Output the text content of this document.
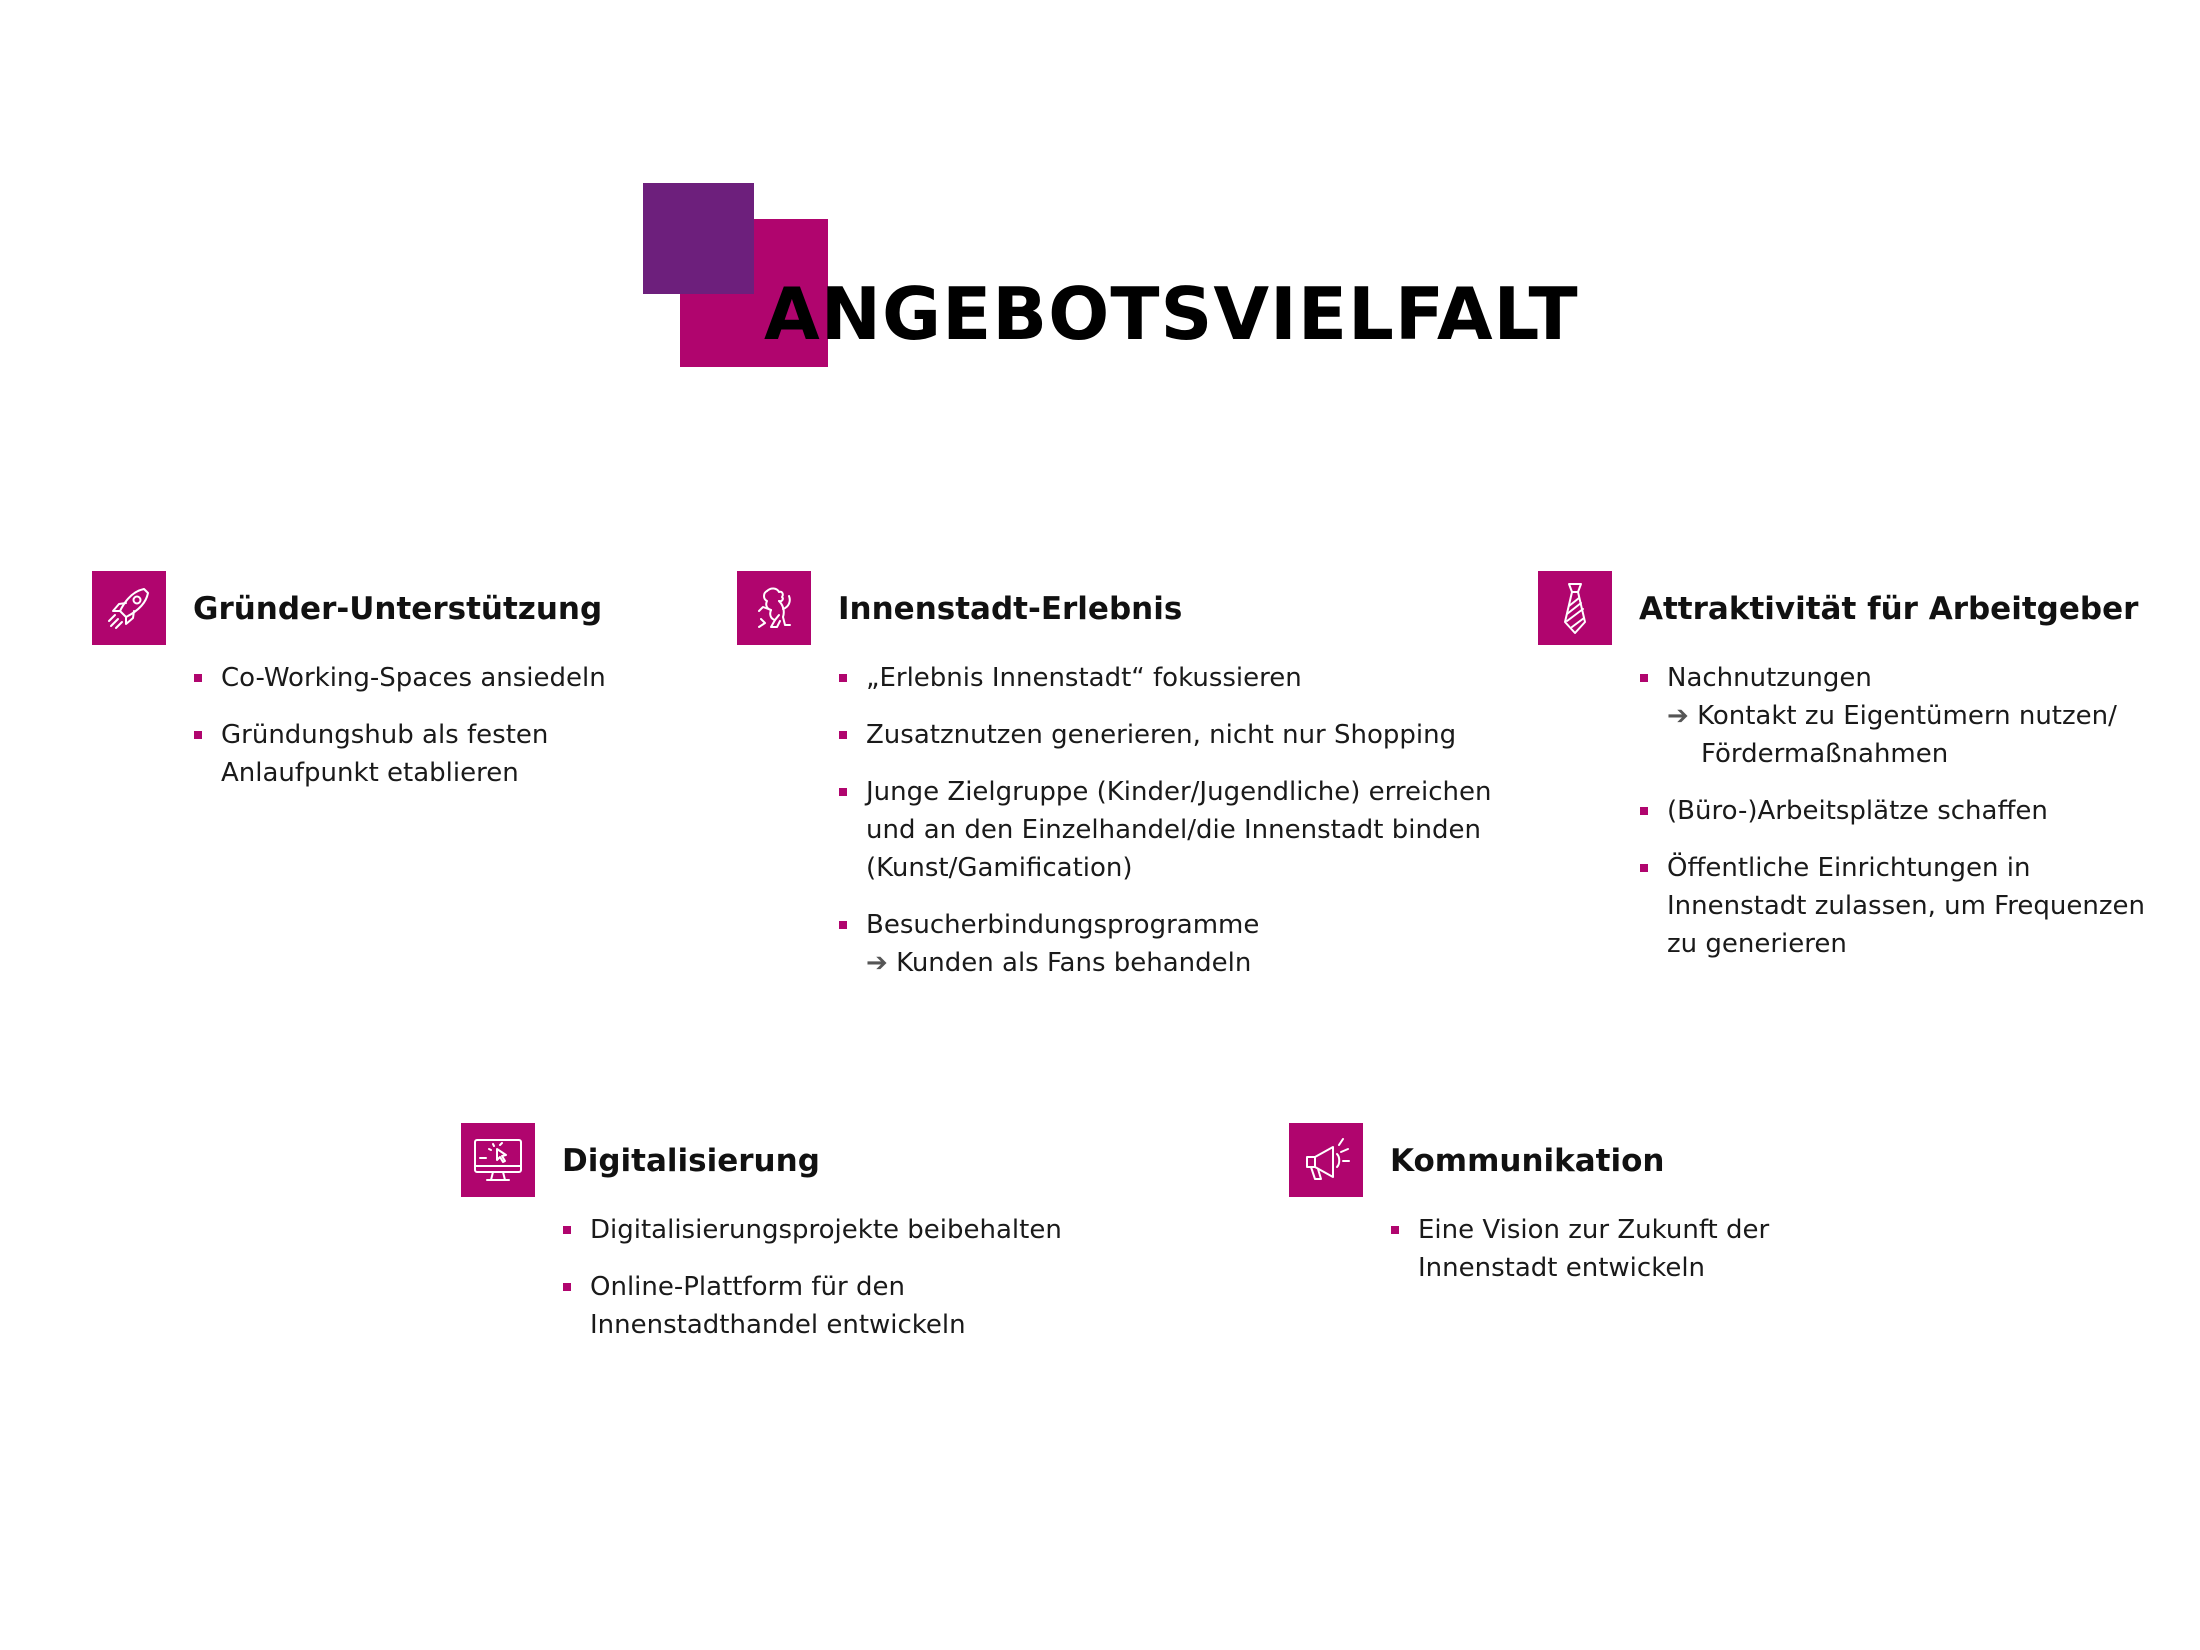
ANGEBOTSVIELFALT
Gründer-Unterstützung
Co-Working-Spaces ansiedeln
Gründungshub als festen
Anlaufpunkt etablieren
Innenstadt-Erlebnis
„Erlebnis Innenstadt“ fokussieren
Zusatznutzen generieren, nicht nur Shopping
Junge Zielgruppe (Kinder/Jugendliche) erreichen
und an den Einzelhandel/die Innenstadt binden
(Kunst/Gamification)
Besucherbindungsprogramme
➔ Kunden als Fans behandeln
Attraktivität für Arbeitgeber
Nachnutzungen
➔ Kontakt zu Eigentümern nutzen/
Fördermaßnahmen
(Büro-)Arbeitsplätze schaffen
Öffentliche Einrichtungen in
Innenstadt zulassen, um Frequenzen
zu generieren
Digitalisierung
Digitalisierungsprojekte beibehalten
Online-Plattform für den
Innenstadthandel entwickeln
Kommunikation
Eine Vision zur Zukunft der
Innenstadt entwickeln
